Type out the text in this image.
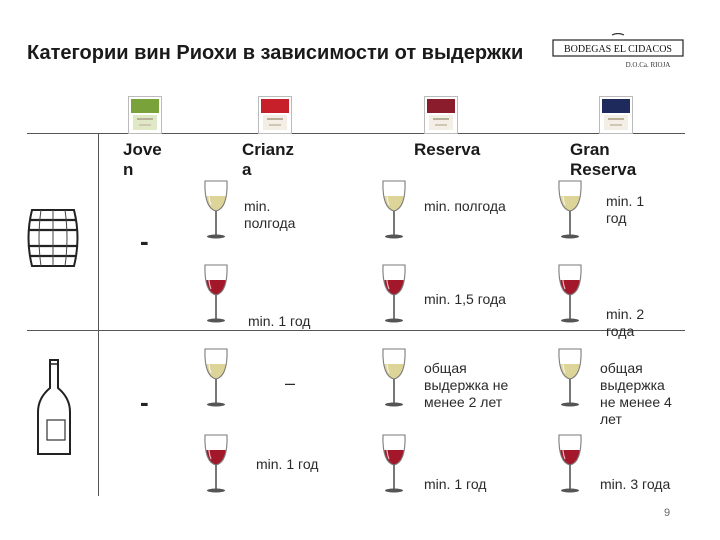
Категории вин Риохи в зависимости от выдержки	BODEGAS EL CIDACOS
D.O.Ca. RIOJA
Jove
n
Crianz
a
Reserva	Gran
Reserva
-
-
min.
полгода
min. 1 год
min. полгода
min. 1,5 года
min. 1
год
min. 2
года
–
min. 1 год
общая
выдержка не
менее 2 лет
min. 1 год
общая
выдержка
не менее 4
лет
min. 3 года
9
